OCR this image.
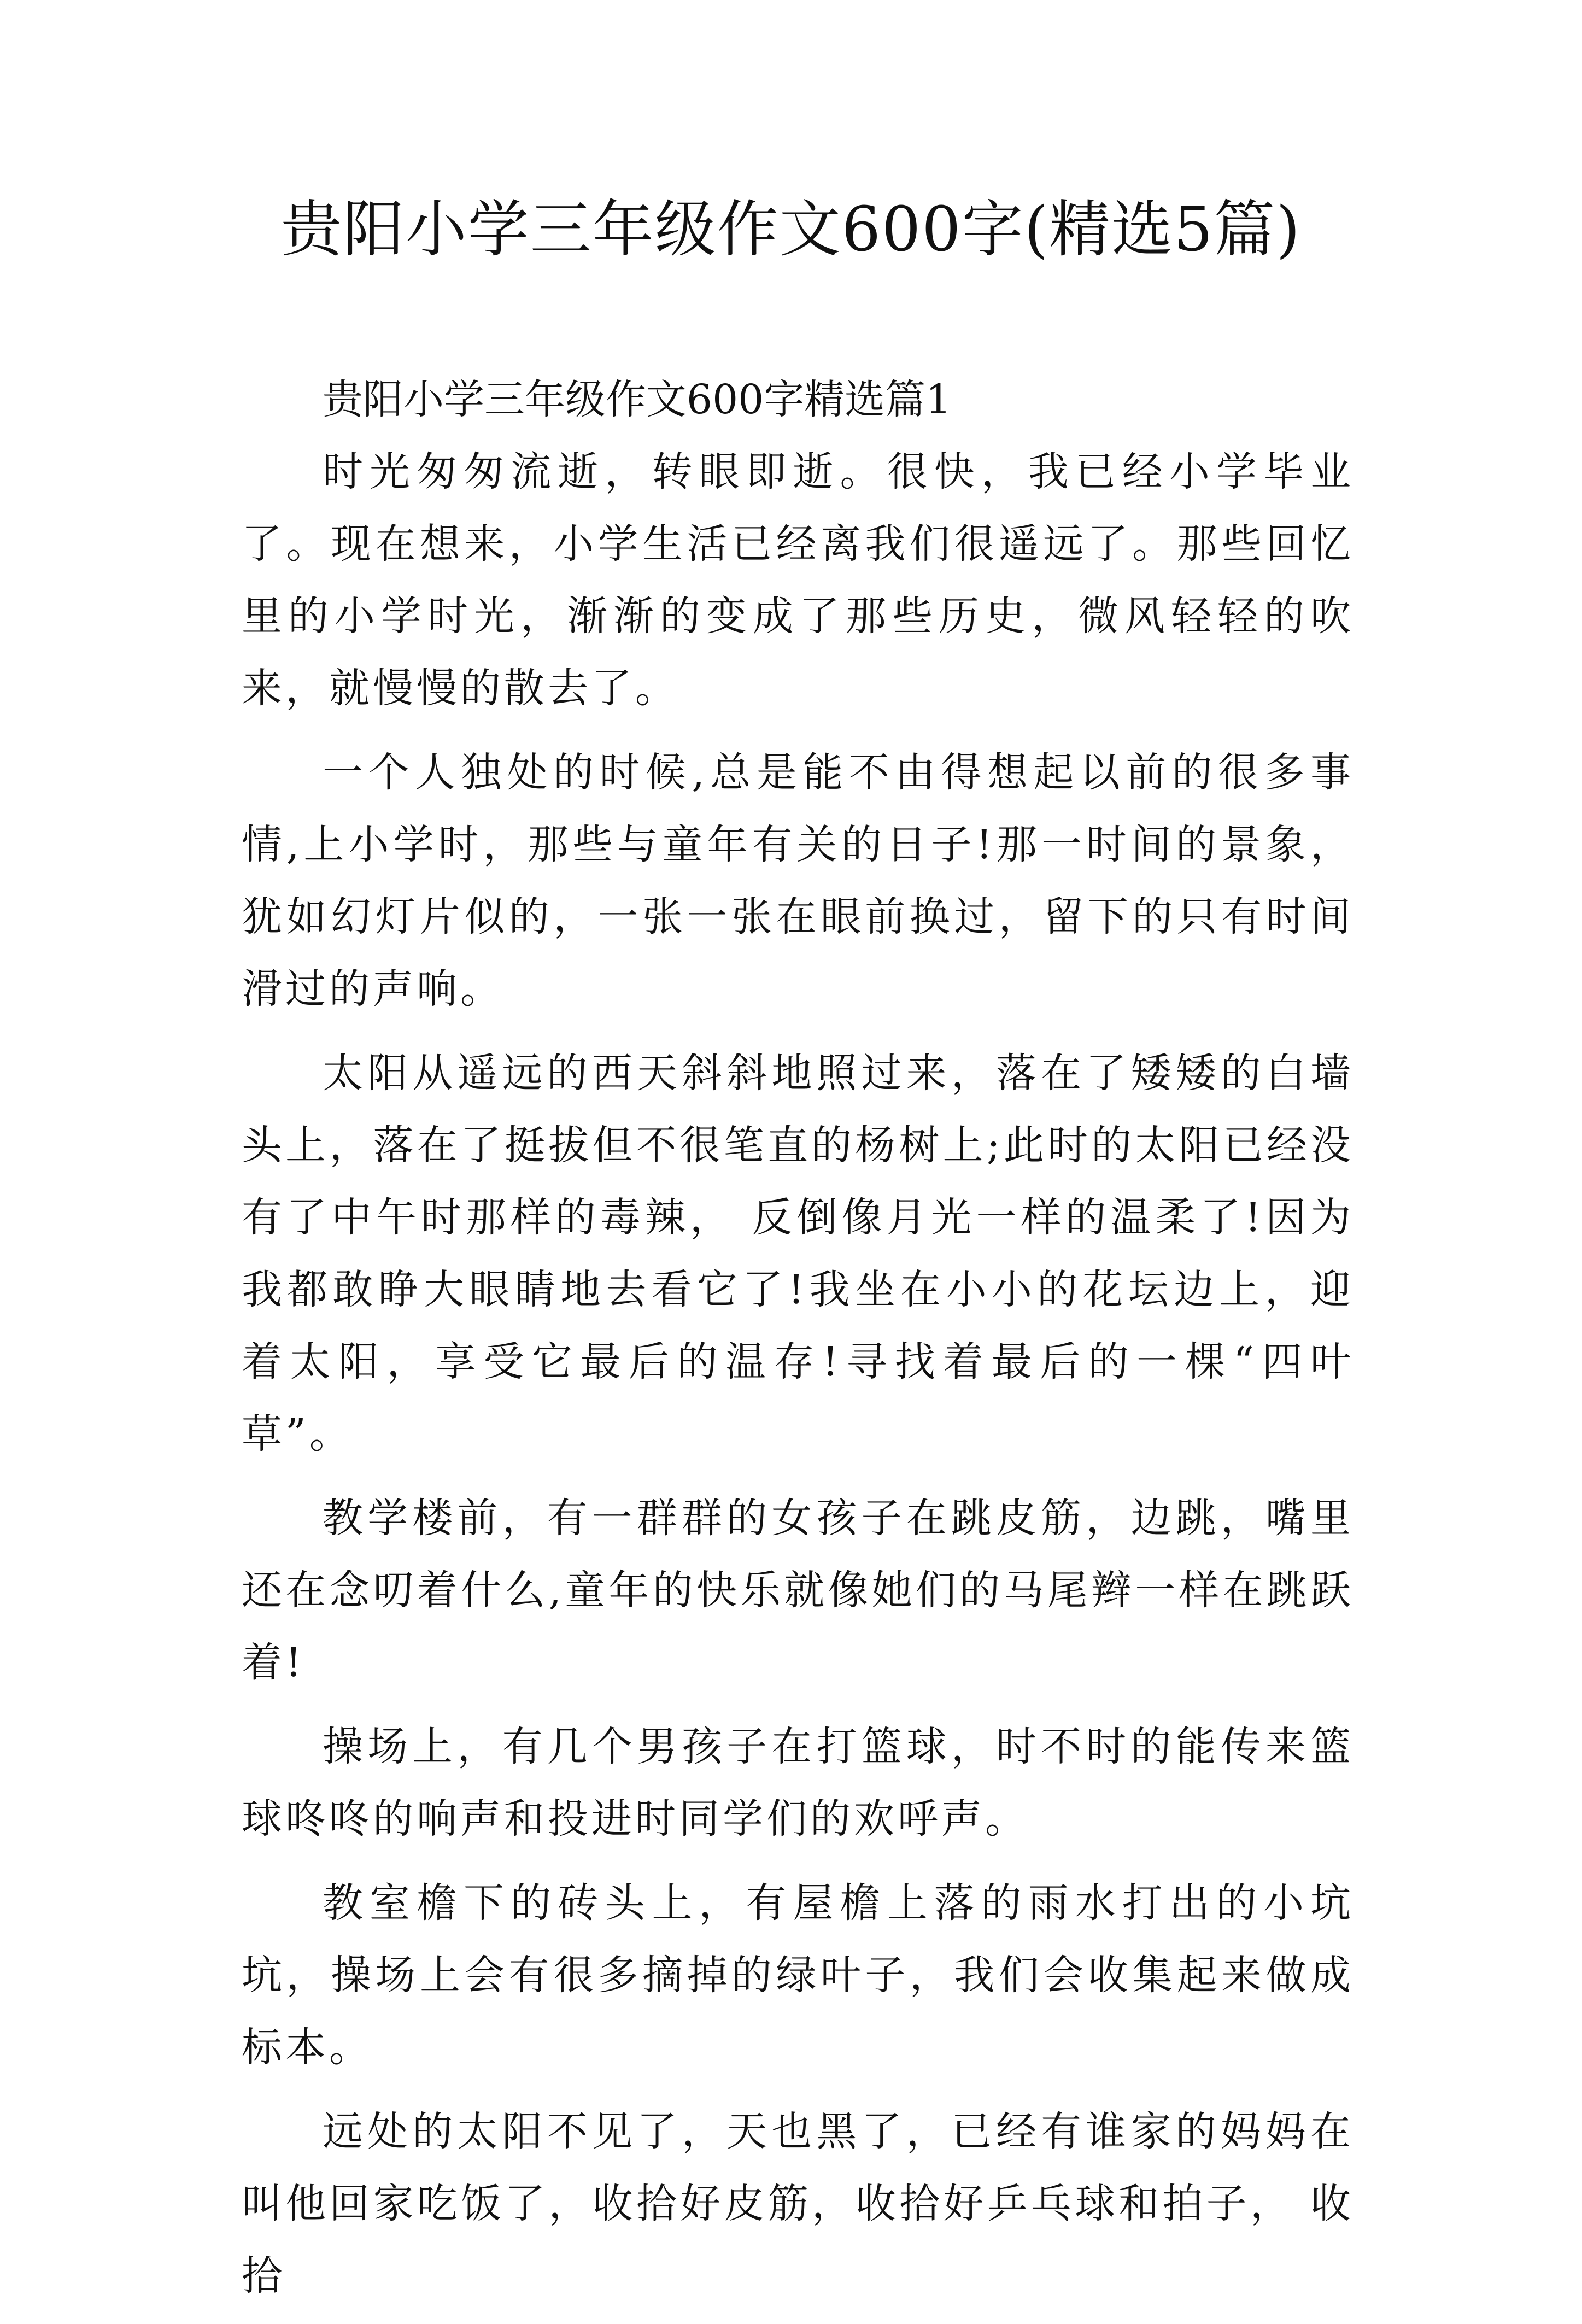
贵阳小学三年级作文600字(精选5篇)
贵阳小学三年级作文600字精选篇1

时光匆匆流逝，转眼即逝。很快，我已经小学毕业了。现在想来，小学生活已经离我们很遥远了。那些回忆里的小学时光，渐渐的变成了那些历史，微风轻轻的吹来，就慢慢的散去了。

一个人独处的时候,总是能不由得想起以前的很多事情,上小学时，那些与童年有关的日子!那一时间的景象，犹如幻灯片似的，一张一张在眼前换过，留下的只有时间滑过的声响。

太阳从遥远的西天斜斜地照过来，落在了矮矮的白墙头上，落在了挺拔但不很笔直的杨树上;此时的太阳已经没有了中午时那样的毒辣， 反倒像月光一样的温柔了!因为我都敢睁大眼睛地去看它了!我坐在小小的花坛边上，迎着太阳，享受它最后的温存!寻找着最后的一棵“四叶草”。

教学楼前，有一群群的女孩子在跳皮筋，边跳，嘴里还在念叨着什么,童年的快乐就像她们的马尾辫一样在跳跃着!

操场上，有几个男孩子在打篮球，时不时的能传来篮球咚咚的响声和投进时同学们的欢呼声。

教室檐下的砖头上，有屋檐上落的雨水打出的小坑坑，操场上会有很多摘掉的绿叶子，我们会收集起来做成标本。

远处的太阳不见了，天也黑了，已经有谁家的妈妈在叫他回家吃饭了，收拾好皮筋，收拾好乒乓球和拍子， 收拾
